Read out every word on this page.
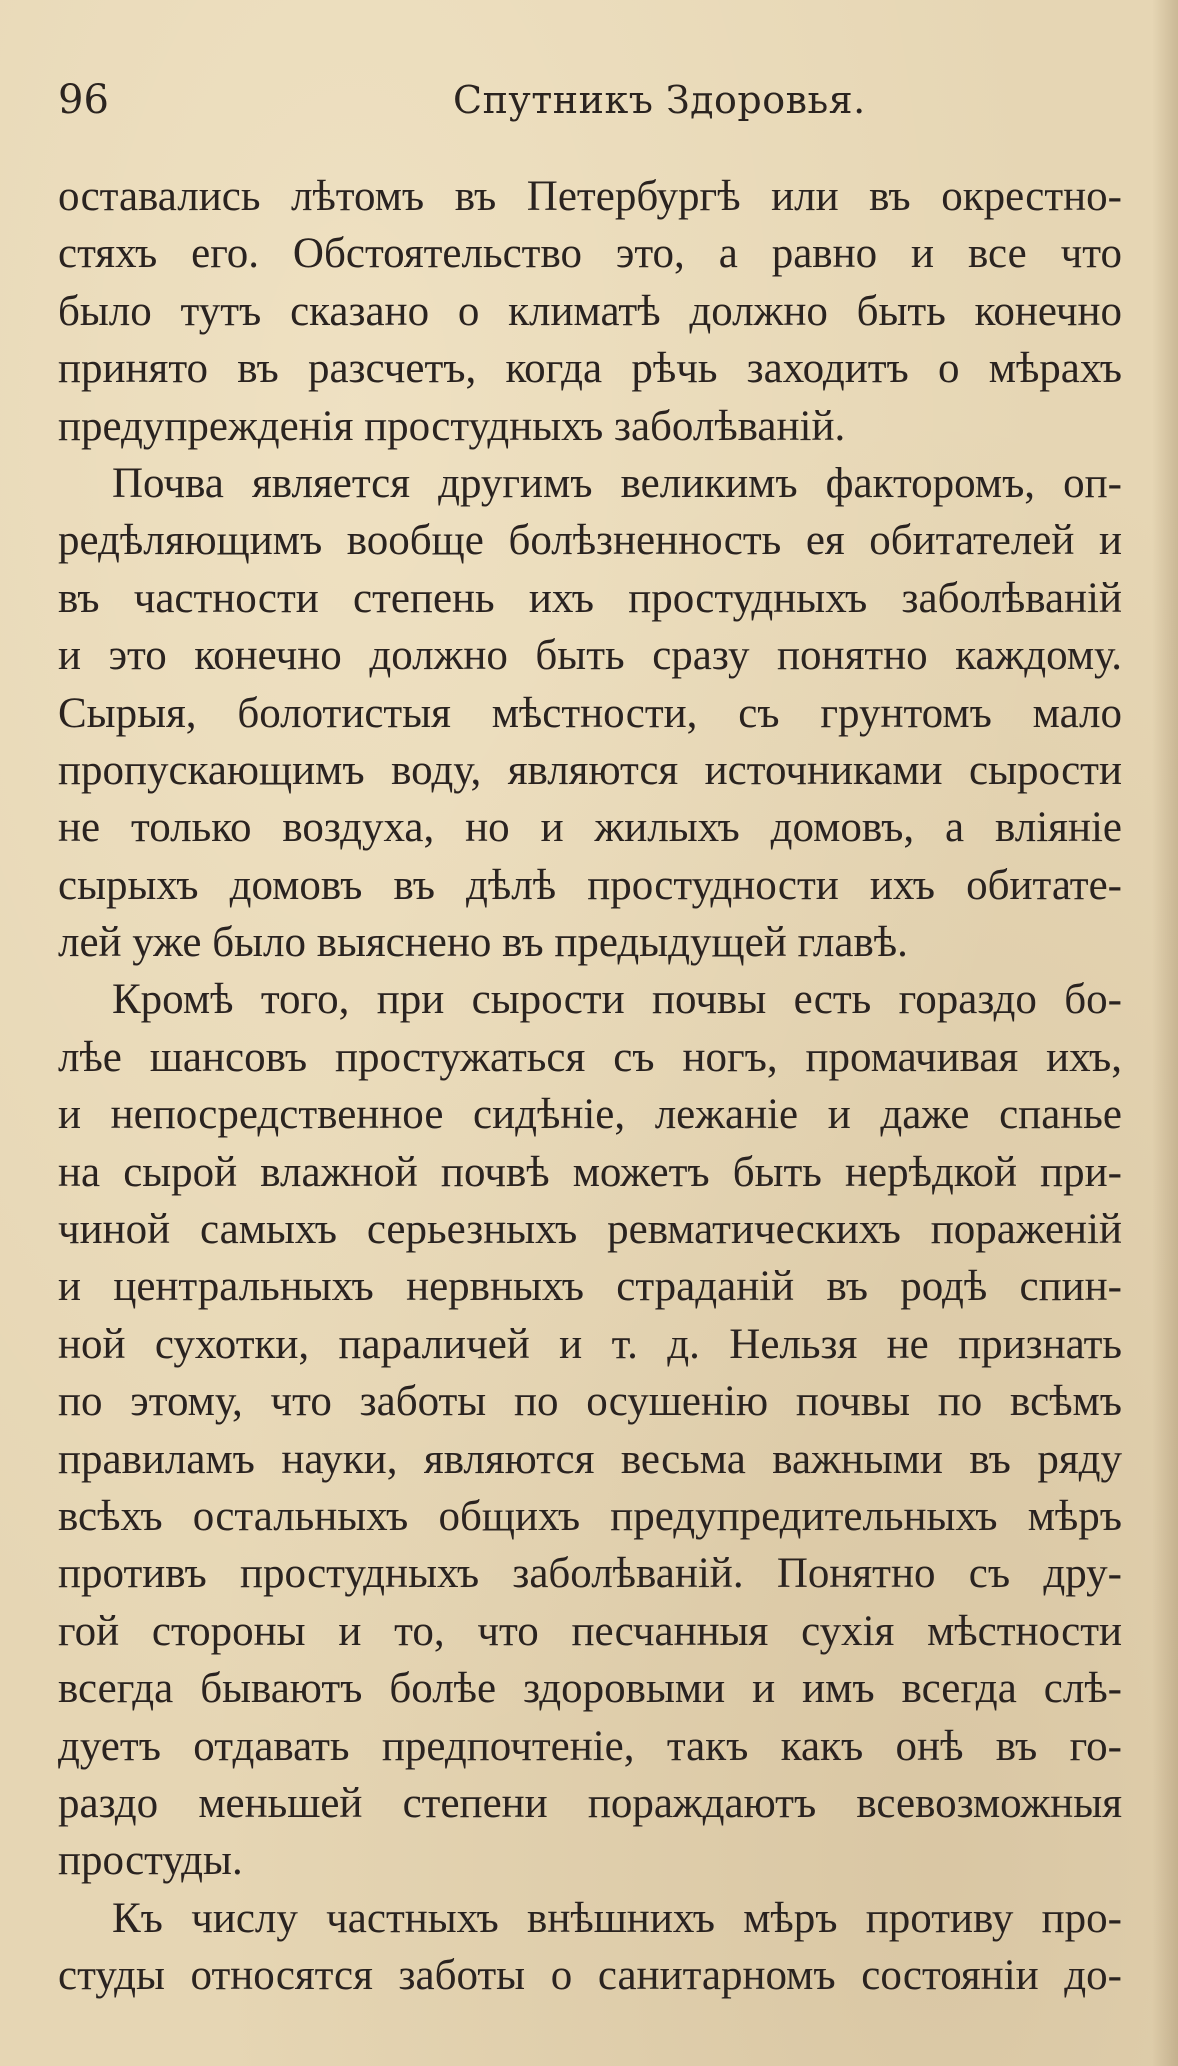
96	Спутникъ Здоровья.
оставались лѣтомъ въ Петербургѣ или въ окрестно-
стяхъ его. Обстоятельство это, а равно и все что
было тутъ сказано о климатѣ должно быть конечно
принято въ разсчетъ, когда рѣчь заходитъ о мѣрахъ
предупрежденія простудныхъ заболѣваній.
Почва является другимъ великимъ факторомъ, оп-
редѣляющимъ вообще болѣзненность ея обитателей и
въ частности степень ихъ простудныхъ заболѣваній
и это конечно должно быть сразу понятно каждому.
Сырыя, болотистыя мѣстности, съ грунтомъ мало
пропускающимъ воду, являются источниками сырости
не только воздуха, но и жилыхъ домовъ, а вліяніе
сырыхъ домовъ въ дѣлѣ простудности ихъ обитате-
лей уже было выяснено въ предыдущей главѣ.
Кромѣ того, при сырости почвы есть гораздо бо-
лѣе шансовъ простужаться съ ногъ, промачивая ихъ,
и непосредственное сидѣніе, лежаніе и даже спанье
на сырой влажной почвѣ можетъ быть нерѣдкой при-
чиной самыхъ серьезныхъ ревматическихъ пораженій
и центральныхъ нервныхъ страданій въ родѣ спин-
ной сухотки, параличей и т. д. Нельзя не признать
по этому, что заботы по осушенію почвы по всѣмъ
правиламъ науки, являются весьма важными въ ряду
всѣхъ остальныхъ общихъ предупредительныхъ мѣръ
противъ простудныхъ заболѣваній. Понятно съ дру-
гой стороны и то, что песчанныя сухія мѣстности
всегда бываютъ болѣе здоровыми и имъ всегда слѣ-
дуетъ отдавать предпочтеніе, такъ какъ онѣ въ го-
раздо меньшей степени пораждаютъ всевозможныя
простуды.
Къ числу частныхъ внѣшнихъ мѣръ противу про-
студы относятся заботы о санитарномъ состояніи до-
